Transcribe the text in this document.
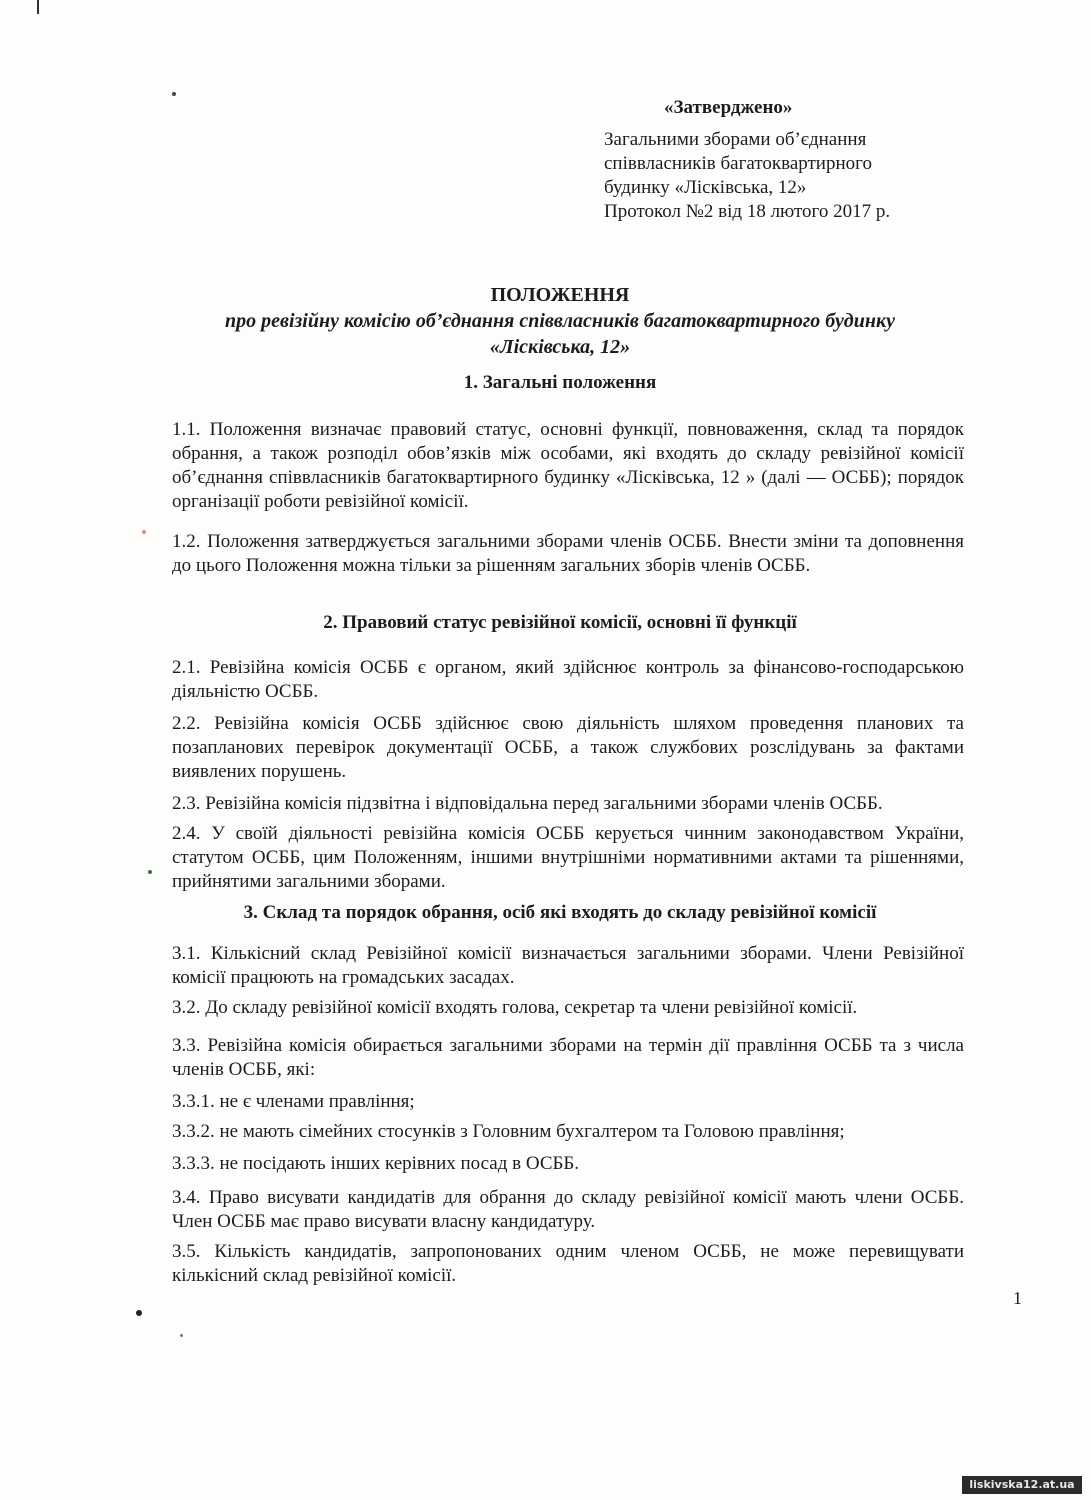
«Затверджено»
Загальними зборами об’єднання
співвласників багатоквартирного
будинку «Лісківська, 12»
Протокол №2 від 18 лютого 2017 р.
ПОЛОЖЕННЯ
про ревізійну комісію об’єднання співвласників багатоквартирного будинку
«Лісківська, 12»
1. Загальні положення
1.1. Положення визначає правовий статус, основні функції, повноваження, склад та порядок обрання, а також розподіл обов’язків між особами, які входять до складу ревізійної комісії об’єднання співвласників багатоквартирного будинку «Лісківська, 12 » (далі — ОСББ); порядок організації роботи ревізійної комісії.
1.2. Положення затверджується загальними зборами членів ОСББ. Внести зміни та доповнення до цього Положення можна тільки за рішенням загальних зборів членів ОСББ.
2. Правовий статус ревізійної комісії, основні її функції
2.1. Ревізійна комісія ОСББ є органом, який здійснює контроль за фінансово-господарською діяльністю ОСББ.
2.2. Ревізійна комісія ОСББ здійснює свою діяльність шляхом проведення планових та позапланових перевірок документації ОСББ, а також службових розслідувань за фактами виявлених порушень.
2.3. Ревізійна комісія підзвітна і відповідальна перед загальними зборами членів ОСББ.
2.4. У своїй діяльності ревізійна комісія ОСББ керується чинним законодавством України, статутом ОСББ, цим Положенням, іншими внутрішніми нормативними актами та рішеннями, прийнятими загальними зборами.
3. Склад та порядок обрання, осіб які входять до складу ревізійної комісії
3.1. Кількісний склад Ревізійної комісії визначається загальними зборами. Члени Ревізійної комісії працюють на громадських засадах.
3.2. До складу ревізійної комісії входять голова, секретар та члени ревізійної комісії.
3.3. Ревізійна комісія обирається загальними зборами на термін дії правління ОСББ та з числа членів ОСББ, які:
3.3.1. не є членами правління;
3.3.2. не мають сімейних стосунків з Головним бухгалтером та Головою правління;
3.3.3. не посідають інших керівних посад в ОСББ.
3.4. Право висувати кандидатів для обрання до складу ревізійної комісії мають члени ОСББ. Член ОСББ має право висувати власну кандидатуру.
3.5. Кількість кандидатів, запропонованих одним членом ОСББ, не може перевищувати кількісний склад ревізійної комісії.
1
liskivska12.at.ua
